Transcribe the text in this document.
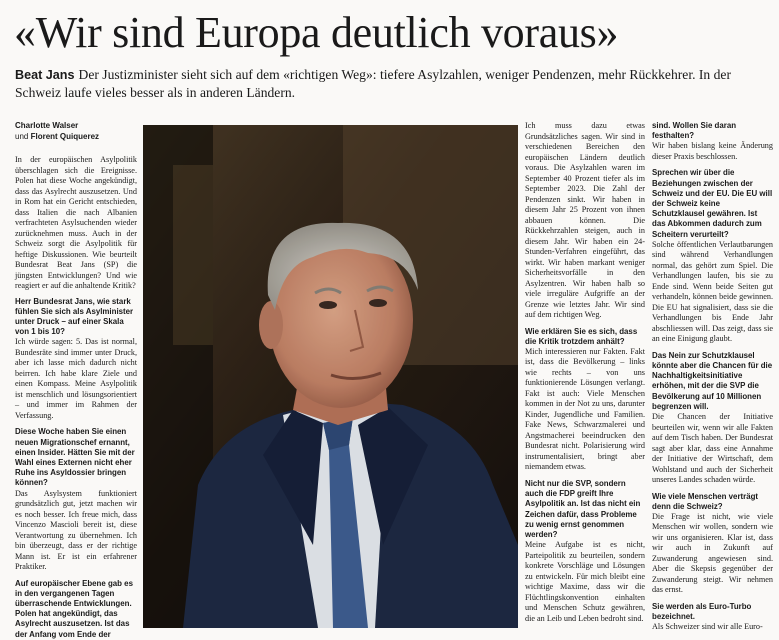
«Wir sind Europa deutlich voraus»

Beat Jans Der Justizminister sieht sich auf dem «richtigen Weg»: tiefere Asylzahlen, weniger Pendenzen, mehr Rückkehrer. In der Schweiz laufe vieles besser als in anderen Ländern.

Charlotte Walser
und Florent Quiquerez

In der europäischen Asylpolitik überschlagen sich die Ereignisse. Polen hat diese Woche angekündigt, dass das Asylrecht auszusetzen. Und in Rom hat ein Gericht entschieden, dass Italien die nach Albanien verfrachteten Asylsuchenden wieder zurücknehmen muss. Auch in der Schweiz sorgt die Asylpolitik für heftige Diskussionen. Wie beurteilt Bundesrat Beat Jans (SP) die jüngsten Entwicklungen? Und wie reagiert er auf die anhaltende Kritik?

Herr Bundesrat Jans, wie stark fühlen Sie sich als Asylminister unter Druck – auf einer Skala von 1 bis 10?

Ich würde sagen: 5. Das ist normal, Bundesräte sind immer unter Druck, aber ich lasse mich dadurch nicht beirren. Ich habe klare Ziele und einen Kompass. Meine Asylpolitik ist menschlich und lösungsorientiert – und immer im Rahmen der Verfassung.

Diese Woche haben Sie einen neuen Migrationschef ernannt, einen Insider. Hätten Sie mit der Wahl eines Externen nicht eher Ruhe ins Asyldossier bringen können?

Das Asylsystem funktioniert grundsätzlich gut, jetzt machen wir es noch besser. Ich freue mich, dass Vincenzo Mascioli bereit ist, diese Verantwortung zu übernehmen. Ich bin überzeugt, dass er der richtige Mann ist. Er ist ein erfahrener Praktiker.

Auf europäischer Ebene gab es in den vergangenen Tagen überraschende Entwicklungen. Polen hat angekündigt, das Asylrecht auszusetzen. Ist das der Anfang vom Ende der

Ich muss dazu etwas Grundsätzliches sagen. Wir sind in verschiedenen Bereichen den europäischen Ländern deutlich voraus. Die Asylzahlen waren im September 40 Prozent tiefer als im September 2023. Die Zahl der Pendenzen sinkt. Wir haben in diesem Jahr 25 Prozent von ihnen abbauen können. Die Rückkehrzahlen steigen, auch in diesem Jahr. Wir haben ein 24-Stunden-Verfahren eingeführt, das wirkt. Wir haben markant weniger Sicherheitsvorfälle in den Asylzentren. Wir haben halb so viele irreguläre Aufgriffe an der Grenze wie letztes Jahr. Wir sind auf dem richtigen Weg.

Wie erklären Sie es sich, dass die Kritik trotzdem anhält?

Mich interessieren nur Fakten. Fakt ist, dass die Bevölkerung – links wie rechts – von uns funktionierende Lösungen verlangt. Fakt ist auch: Viele Menschen kommen in der Not zu uns, darunter Kinder, Jugendliche und Familien. Fake News, Schwarzmalerei und Angstmacherei beeindrucken den Bundesrat nicht. Polarisierung wird instrumentalisiert, bringt aber niemandem etwas.

Nicht nur die SVP, sondern auch die FDP greift Ihre Asylpolitik an. Ist das nicht ein Zeichen dafür, dass Probleme zu wenig ernst genommen werden?

Meine Aufgabe ist es nicht, Parteipolitik zu beurteilen, sondern konkrete Vorschläge und Lösungen zu entwickeln. Für mich bleibt eine wichtige Maxime, dass wir die Flüchtlingskonvention einhalten und Menschen Schutz gewähren, die an Leib und Leben bedroht sind.

sind. Wollen Sie daran festhalten?

Wir haben bislang keine Änderung dieser Praxis beschlossen.

Sprechen wir über die Beziehungen zwischen der Schweiz und der EU. Die EU will der Schweiz keine Schutzklausel gewähren. Ist das Abkommen dadurch zum Scheitern verurteilt?

Solche öffentlichen Verlautbarungen sind während Verhandlungen normal, das gehört zum Spiel. Die Verhandlungen laufen, bis sie zu Ende sind. Wenn beide Seiten gut verhandeln, können beide gewinnen. Die EU hat signalisiert, dass sie die Verhandlungen bis Ende Jahr abschliessen will. Das zeigt, dass sie an eine Einigung glaubt.

Das Nein zur Schutzklausel könnte aber die Chancen für die Nachhaltigkeitsinitiative erhöhen, mit der die SVP die Bevölkerung auf 10 Millionen begrenzen will.

Die Chancen der Initiative beurteilen wir, wenn wir alle Fakten auf dem Tisch haben. Der Bundesrat sagt aber klar, dass eine Annahme der Initiative der Wirtschaft, dem Wohlstand und auch der Sicherheit unseres Landes schaden würde.

Wie viele Menschen verträgt denn die Schweiz?

Die Frage ist nicht, wie viele Menschen wir wollen, sondern wie wir uns organisieren. Klar ist, dass wir auch in Zukunft auf Zuwanderung angewiesen sind. Aber die Skepsis gegenüber der Zuwanderung steigt. Wir nehmen das ernst.

Sie werden als Euro-Turbo bezeichnet.

Als Schweizer sind wir alle Euro-
